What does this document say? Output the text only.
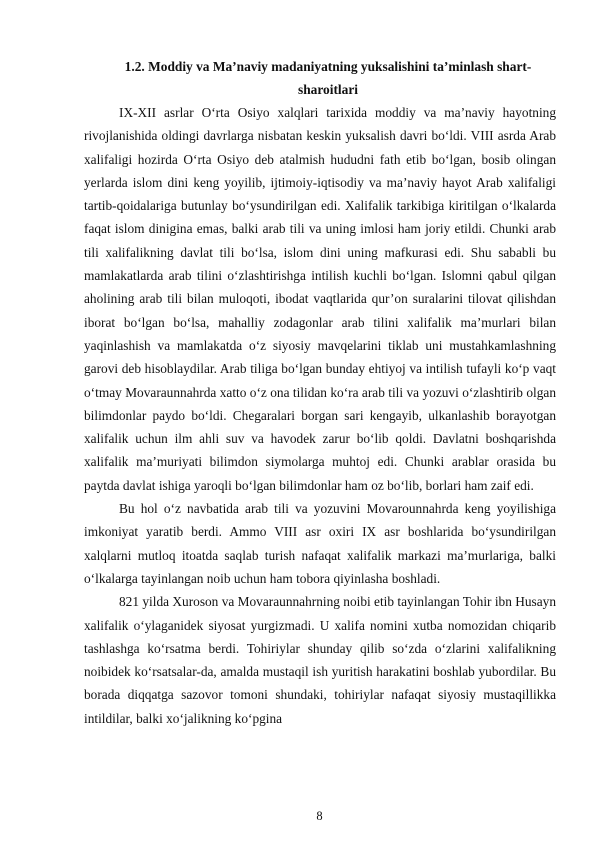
1.2. Moddiy va Ma’naviy madaniyatning yuksalishini ta’minlash shart-sharoitlari

IX-XII asrlar O‘rta Osiyo xalqlari tarixida moddiy va ma’naviy hayotning rivojlanishida oldingi davrlarga nisbatan keskin yuksalish davri bo‘ldi. VIII asrda Arab xalifaligi hozirda O‘rta Osiyo deb atalmish hududni fath etib bo‘lgan, bosib olingan yerlarda islom dini keng yoyilib, ijtimoiy-iqtisodiy va ma’naviy hayot Arab xalifaligi tartib-qoidalariga butunlay bo‘ysundirilgan edi. Xalifalik tarkibiga kiritilgan o‘lkalarda faqat islom dinigina emas, balki arab tili va uning imlosi ham joriy etildi. Chunki arab tili xalifalikning davlat tili bo‘lsa, islom dini uning mafkurasi edi. Shu sababli bu mamlakatlarda arab tilini o‘zlashtirishga intilish kuchli bo‘lgan. Islomni qabul qilgan aholining arab tili bilan muloqoti, ibodat vaqtlarida qur’on suralarini tilovat qilishdan iborat bo‘lgan bo‘lsa, mahalliy zodagonlar arab tilini xalifalik ma’murlari bilan yaqinlashish va mamlakatda o‘z siyosiy mavqelarini tiklab uni mustahkamlashning garovi deb hisoblaydilar. Arab tiliga bo‘lgan bunday ehtiyoj va intilish tufayli ko‘p vaqt o‘tmay Movaraunnahrda xatto o‘z ona tilidan ko‘ra arab tili va yozuvi o‘zlashtirib olgan bilimdonlar paydo bo‘ldi. Chegaralari borgan sari kengayib, ulkanlashib borayotgan xalifalik uchun ilm ahli suv va havodek zarur bo‘lib qoldi. Davlatni boshqarishda xalifalik ma’muriyati bilimdon siymolarga muhtoj edi. Chunki arablar orasida bu paytda davlat ishiga yaroqli bo‘lgan bilimdonlar ham oz bo‘lib, borlari ham zaif edi.

Bu hol o‘z navbatida arab tili va yozuvini Movarounnahrda keng yoyilishiga imkoniyat yaratib berdi. Ammo VIII asr oxiri IX asr boshlarida bo‘ysundirilgan xalqlarni mutloq itoatda saqlab turish nafaqat xalifalik markazi ma’murlariga, balki o‘lkalarga tayinlangan noib uchun ham tobora qiyinlasha boshladi.

821 yilda Xuroson va Movaraunnahrning noibi etib tayinlangan Tohir ibn Husayn xalifalik o‘ylaganidek siyosat yurgizmadi. U xalifa nomini xutba nomozidan chiqarib tashlashga ko‘rsatma berdi. Tohiriylar shunday qilib so‘zda o‘zlarini xalifalikning noibidek ko‘rsatsalar-da, amalda mustaqil ish yuritish harakatini boshlab yubordilar. Bu borada diqqatga sazovor tomoni shundaki, tohiriylar nafaqat siyosiy mustaqillikka intildilar, balki xo‘jalikning ko‘pgina

8
